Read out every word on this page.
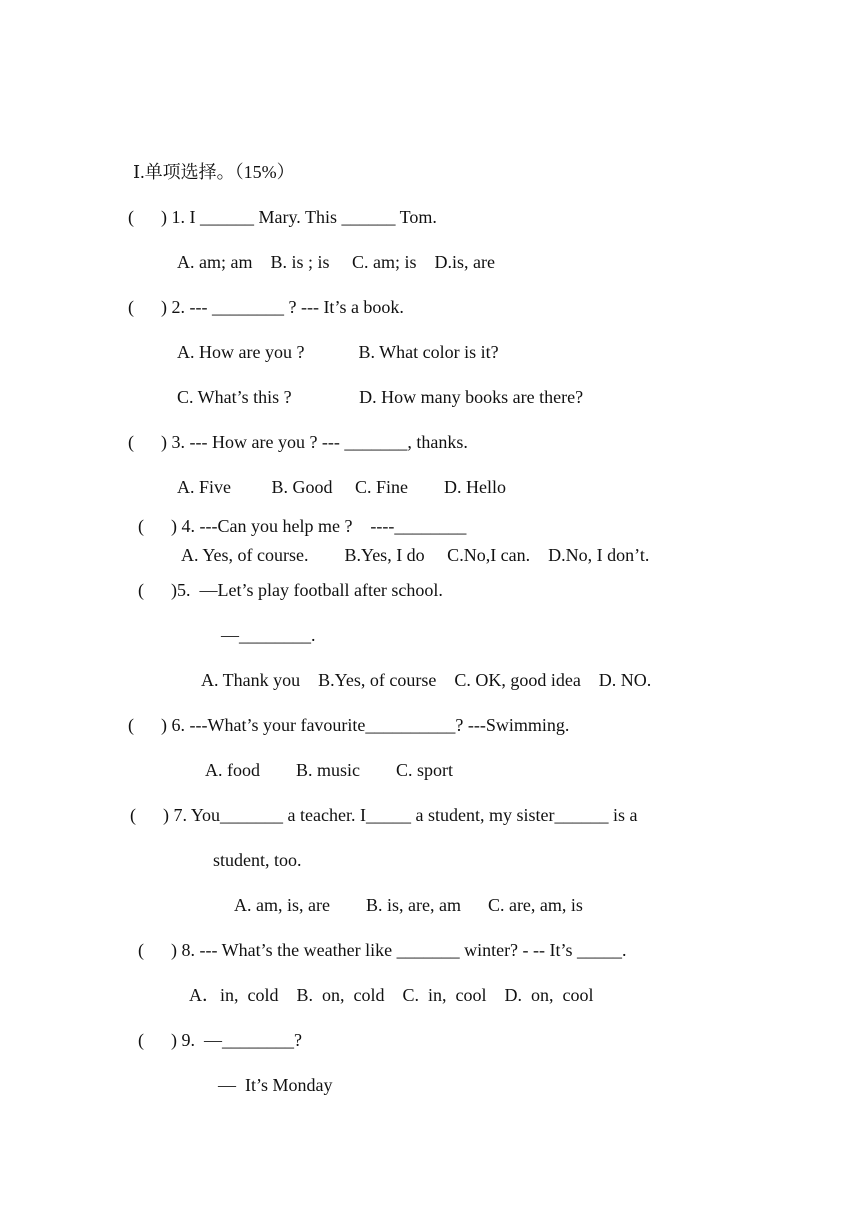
Ⅰ.单项选择。（15%）
(      ) 1. I ______ Mary. This ______ Tom.
A. am; am    B. is ; is     C. am; is    D.is, are
(      ) 2. --- ________ ? --- It’s a book.
A. How are you ?            B. What color is it?
C. What’s this ?               D. How many books are there?
(      ) 3. --- How are you ? --- _______, thanks.
A. Five         B. Good     C. Fine        D. Hello
(      ) 4. ---Can you help me ?    ----________
A. Yes, of course.        B.Yes, I do     C.No,I can.    D.No, I don’t.
(      )5.  —Let’s play football after school.
—________.
A. Thank you    B.Yes, of course    C. OK, good idea    D. NO.
(      ) 6. ---What’s your favourite__________? ---Swimming.
A. food        B. music        C. sport
(      ) 7. You_______ a teacher. I_____ a student, my sister______ is a
student, too.
A. am, is, are        B. is, are, am      C. are, am, is
(      ) 8. --- What’s the weather like _______ winter? - -- It’s _____.
A．in,  cold    B.  on,  cold    C.  in,  cool    D.  on,  cool
(      ) 9.  —________?
—  It’s Monday
